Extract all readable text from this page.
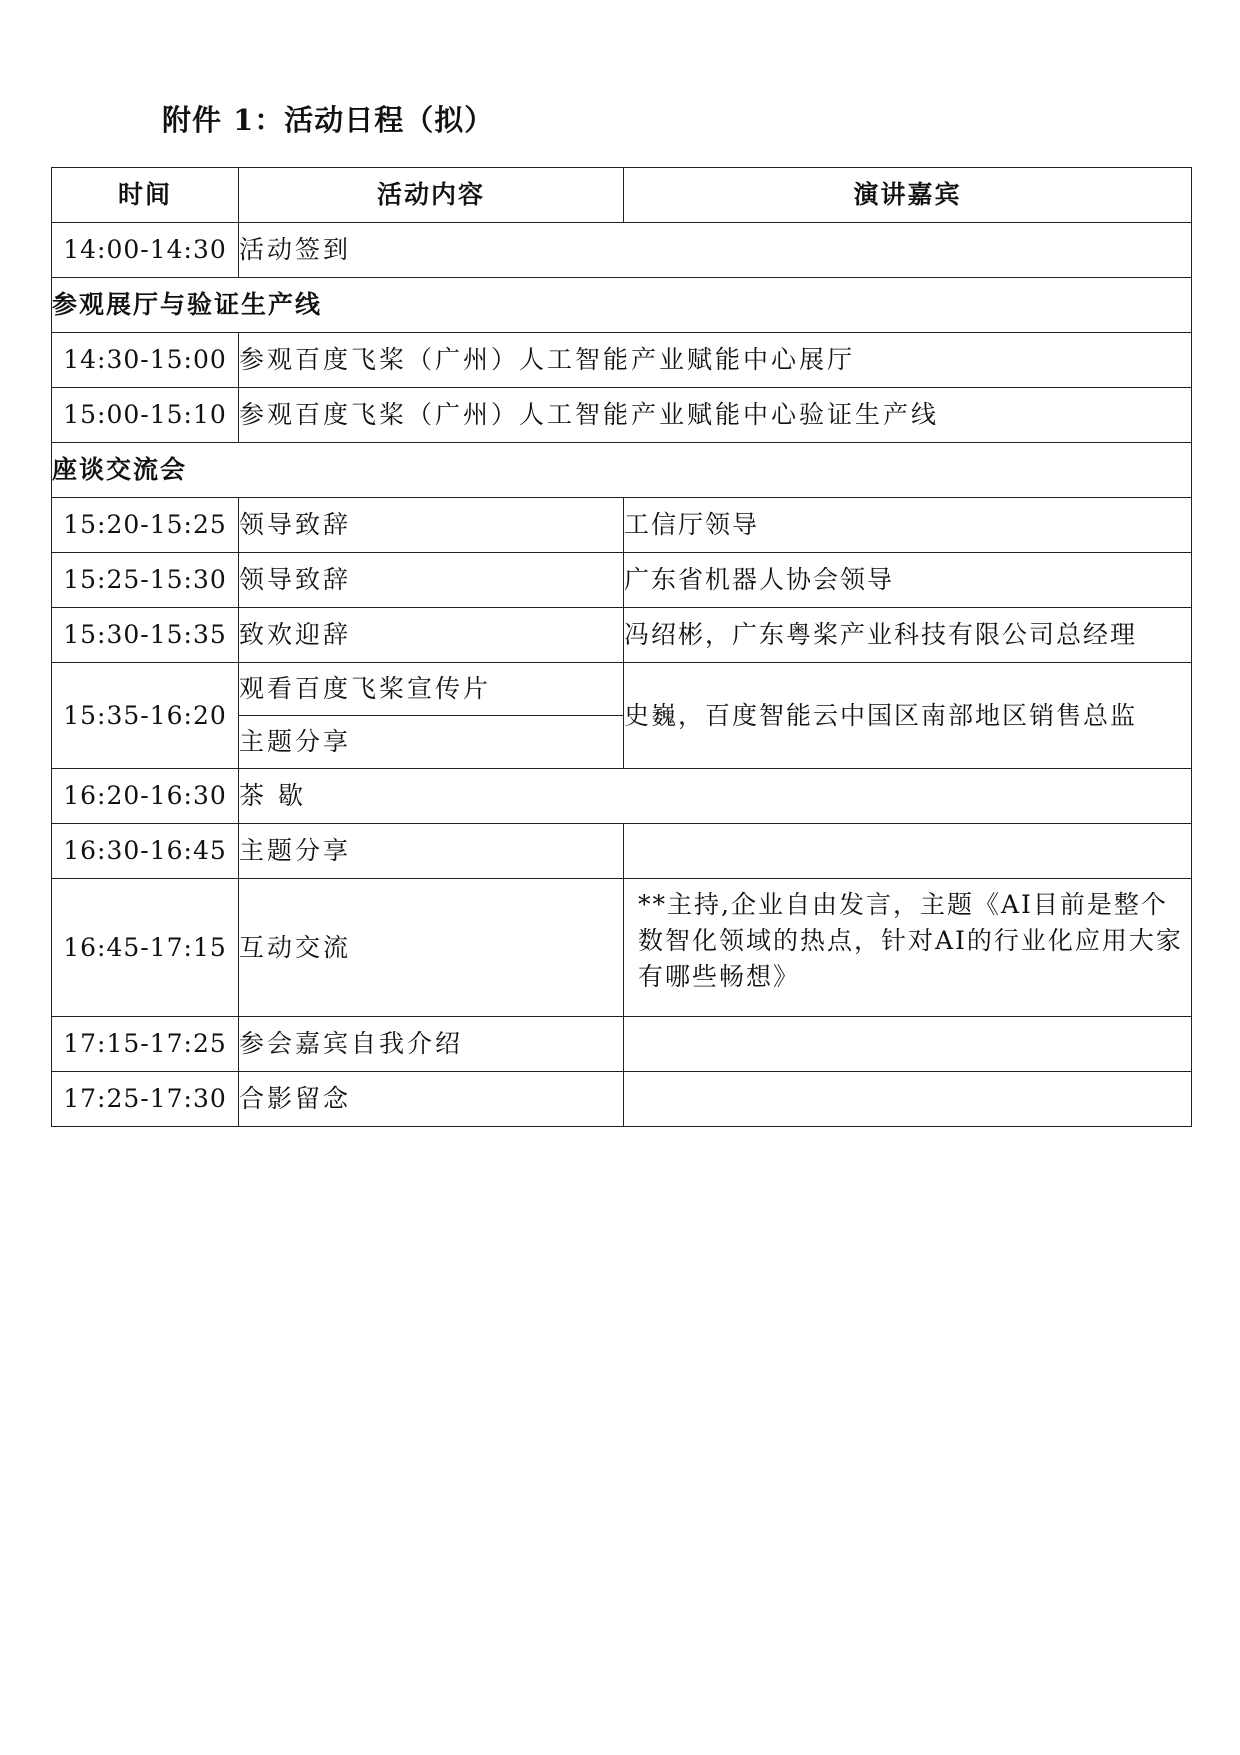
附件 1：活动日程（拟）
时间	活动内容	演讲嘉宾
14:00-14:30	活动签到	
参观展厅与验证生产线		
14:30-15:00	参观百度飞桨（广州）人工智能产业赋能中心展厅	
15:00-15:10	参观百度飞桨（广州）人工智能产业赋能中心验证生产线	
座谈交流会		
15:20-15:25	领导致辞	工信厅领导
15:25-15:30	领导致辞	广东省机器人协会领导
15:30-15:35	致欢迎辞	冯绍彬，广东粤桨产业科技有限公司总经理
15:35-16:20	观看百度飞桨宣传片	史巍，百度智能云中国区南部地区销售总监
	主题分享	
16:20-16:30	茶 歇	
16:30-16:45	主题分享	
16:45-17:15	互动交流	**主持,企业自由发言，主题《AI目前是整个数智化领域的热点，针对AI的行业化应用大家有哪些畅想》
17:15-17:25	参会嘉宾自我介绍	
17:25-17:30	合影留念	
